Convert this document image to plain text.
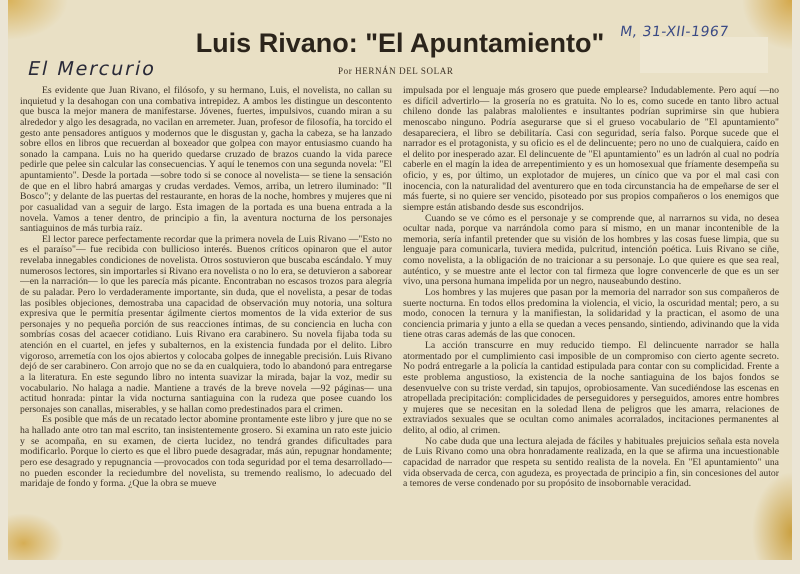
M, 31-XII-1967
Luis Rivano: "El Apuntamiento"
El Mercurio	Por HERNÁN DEL SOLAR

Es evidente que Juan Rivano, el filósofo, y su hermano, Luis, el novelista, no callan su inquietud y la desahogan con una combativa intrepidez. A ambos les distingue un descontento que busca la mejor manera de manifestarse. Jóvenes, fuertes, impulsivos, cuando miran a su alrededor y algo les desagrada, no vacilan en arremeter. Juan, profesor de filosofía, ha torcido el gesto ante pensadores antiguos y modernos que le disgustan y, gacha la cabeza, se ha lanzado sobre ellos en libros que recuerdan al boxeador que golpea con mayor entusiasmo cuando ha sonado la campana. Luis no ha querido quedarse cruzado de brazos cuando la vida parece pedirle que pelee sin calcular las consecuencias. Y aquí le tenemos con una segunda novela: "El apuntamiento". Desde la portada —sobre todo si se conoce al novelista— se tiene la sensación de que en el libro habrá amargas y crudas verdades. Vemos, arriba, un letrero iluminado: "Il Bosco"; y delante de las puertas del restaurante, en horas de la noche, hombres y mujeres que ni por casualidad van a seguir de largo. Esta imagen de la portada es una buena entrada a la novela. Vamos a tener dentro, de principio a fin, la aventura nocturna de los personajes santiaguinos de más turbia raíz.

El lector parece perfectamente recordar que la primera novela de Luis Rivano —"Esto no es el paraíso"— fue recibida con bullicioso interés. Buenos críticos opinaron que el autor revelaba innegables condiciones de novelista. Otros sostuvieron que buscaba escándalo. Y muy numerosos lectores, sin importarles si Rivano era novelista o no lo era, se detuvieron a saborear —en la narración— lo que les parecía más picante. Encontraban no escasos trozos para alegría de su paladar. Pero lo verdaderamente importante, sin duda, que el novelista, a pesar de todas las posibles objeciones, demostraba una capacidad de observación muy notoria, una soltura expresiva que le permitía presentar ágilmente ciertos momentos de la vida exterior de sus personajes y no pequeña porción de sus reacciones íntimas, de su conciencia en lucha con sombrías cosas del acaecer cotidiano. Luis Rivano era carabinero. Su novela fijaba toda su atención en el cuartel, en jefes y subalternos, en la existencia fundada por el delito. Libro vigoroso, arremetía con los ojos abiertos y colocaba golpes de innegable precisión. Luis Rivano dejó de ser carabinero. Con arrojo que no se da en cualquiera, todo lo abandonó para entregarse a la literatura. En este segundo libro no intenta suavizar la mirada, bajar la voz, medir su vocabulario. No halaga a nadie. Mantiene a través de la breve novela —92 páginas— una actitud honrada: pintar la vida nocturna santiaguina con la rudeza que posee cuando los personajes son canallas, miserables, y se hallan como predestinados para el crimen.

Es posible que más de un recatado lector abomine prontamente este libro y jure que no se ha hallado ante otro tan mal escrito, tan insistentemente grosero. Si examina un rato este juicio y se acompaña, en su examen, de cierta lucidez, no tendrá grandes dificultades para modificarlo. Porque lo cierto es que el libro puede desagradar, más aún, repugnar hondamente; pero ese desagrado y repugnancia —provocados con toda seguridad por el tema desarrollado— no pueden esconder la reciedumbre del novelista, su tremendo realismo, lo adecuado del maridaje de fondo y forma. ¿Que la obra se mueve

impulsada por el lenguaje más grosero que puede emplearse? Indudablemente. Pero aquí —no es difícil advertirlo— la grosería no es gratuita. No lo es, como sucede en tanto libro actual chileno donde las palabras malolientes e insultantes podrían suprimirse sin que hubiera menoscabo ninguno. Podría asegurarse que si el grueso vocabulario de "El apuntamiento" desapareciera, el libro se debilitaría. Casi con seguridad, sería falso. Porque sucede que el narrador es el protagonista, y su oficio es el de delincuente; pero no uno de cualquiera, caído en el delito por inesperado azar. El delincuente de "El apuntamiento" es un ladrón al cual no podría caberle en el magín la idea de arrepentimiento y es un homosexual que fríamente desempeña su oficio, y es, por último, un explotador de mujeres, un cínico que va por el mal casi con inocencia, con la naturalidad del aventurero que en toda circunstancia ha de empeñarse de ser el más fuerte, si no quiere ser vencido, pisoteado por sus propios compañeros o los enemigos que siempre están atisbando desde sus escondrijos.

Cuando se ve cómo es el personaje y se comprende que, al narrarnos su vida, no desea ocultar nada, porque va narrándola como para sí mismo, en un manar incontenible de la memoria, sería infantil pretender que su visión de los hombres y las cosas fuese limpia, que su lenguaje para comunicarla, tuviera medida, pulcritud, intención poética. Luis Rivano se ciñe, como novelista, a la obligación de no traicionar a su personaje. Lo que quiere es que sea real, auténtico, y se muestre ante el lector con tal firmeza que logre convencerle de que es un ser vivo, una persona humana impelida por un negro, nauseabundo destino.

Los hombres y las mujeres que pasan por la memoria del narrador son sus compañeros de suerte nocturna. En todos ellos predomina la violencia, el vicio, la oscuridad mental; pero, a su modo, conocen la ternura y la manifiestan, la solidaridad y la practican, el asomo de una conciencia primaria y junto a ella se quedan a veces pensando, sintiendo, adivinando que la vida tiene otras caras además de las que conocen.

La acción transcurre en muy reducido tiempo. El delincuente narrador se halla atormentado por el cumplimiento casi imposible de un compromiso con cierto agente secreto. No podrá entregarle a la policía la cantidad estipulada para contar con su complicidad. Frente a este problema angustioso, la existencia de la noche santiaguina de los bajos fondos se desenvuelve con su triste verdad, sin tapujos, oprobiosamente. Van sucediéndose las escenas en atropellada precipitación: complicidades de perseguidores y perseguidos, amores entre hombres y mujeres que se necesitan en la soledad llena de peligros que les amarra, relaciones de extraviados sexuales que se ocultan como animales acorralados, incitaciones permanentes al delito, al odio, al crimen.

No cabe duda que una lectura alejada de fáciles y habituales prejuicios señala esta novela de Luis Rivano como una obra honradamente realizada, en la que se afirma una incuestionable capacidad de narrador que respeta su sentido realista de la novela. En "El apuntamiento" una vida observada de cerca, con agudeza, es proyectada de principio a fin, sin concesiones del autor a temores de verse condenado por su propósito de insobornable veracidad.
